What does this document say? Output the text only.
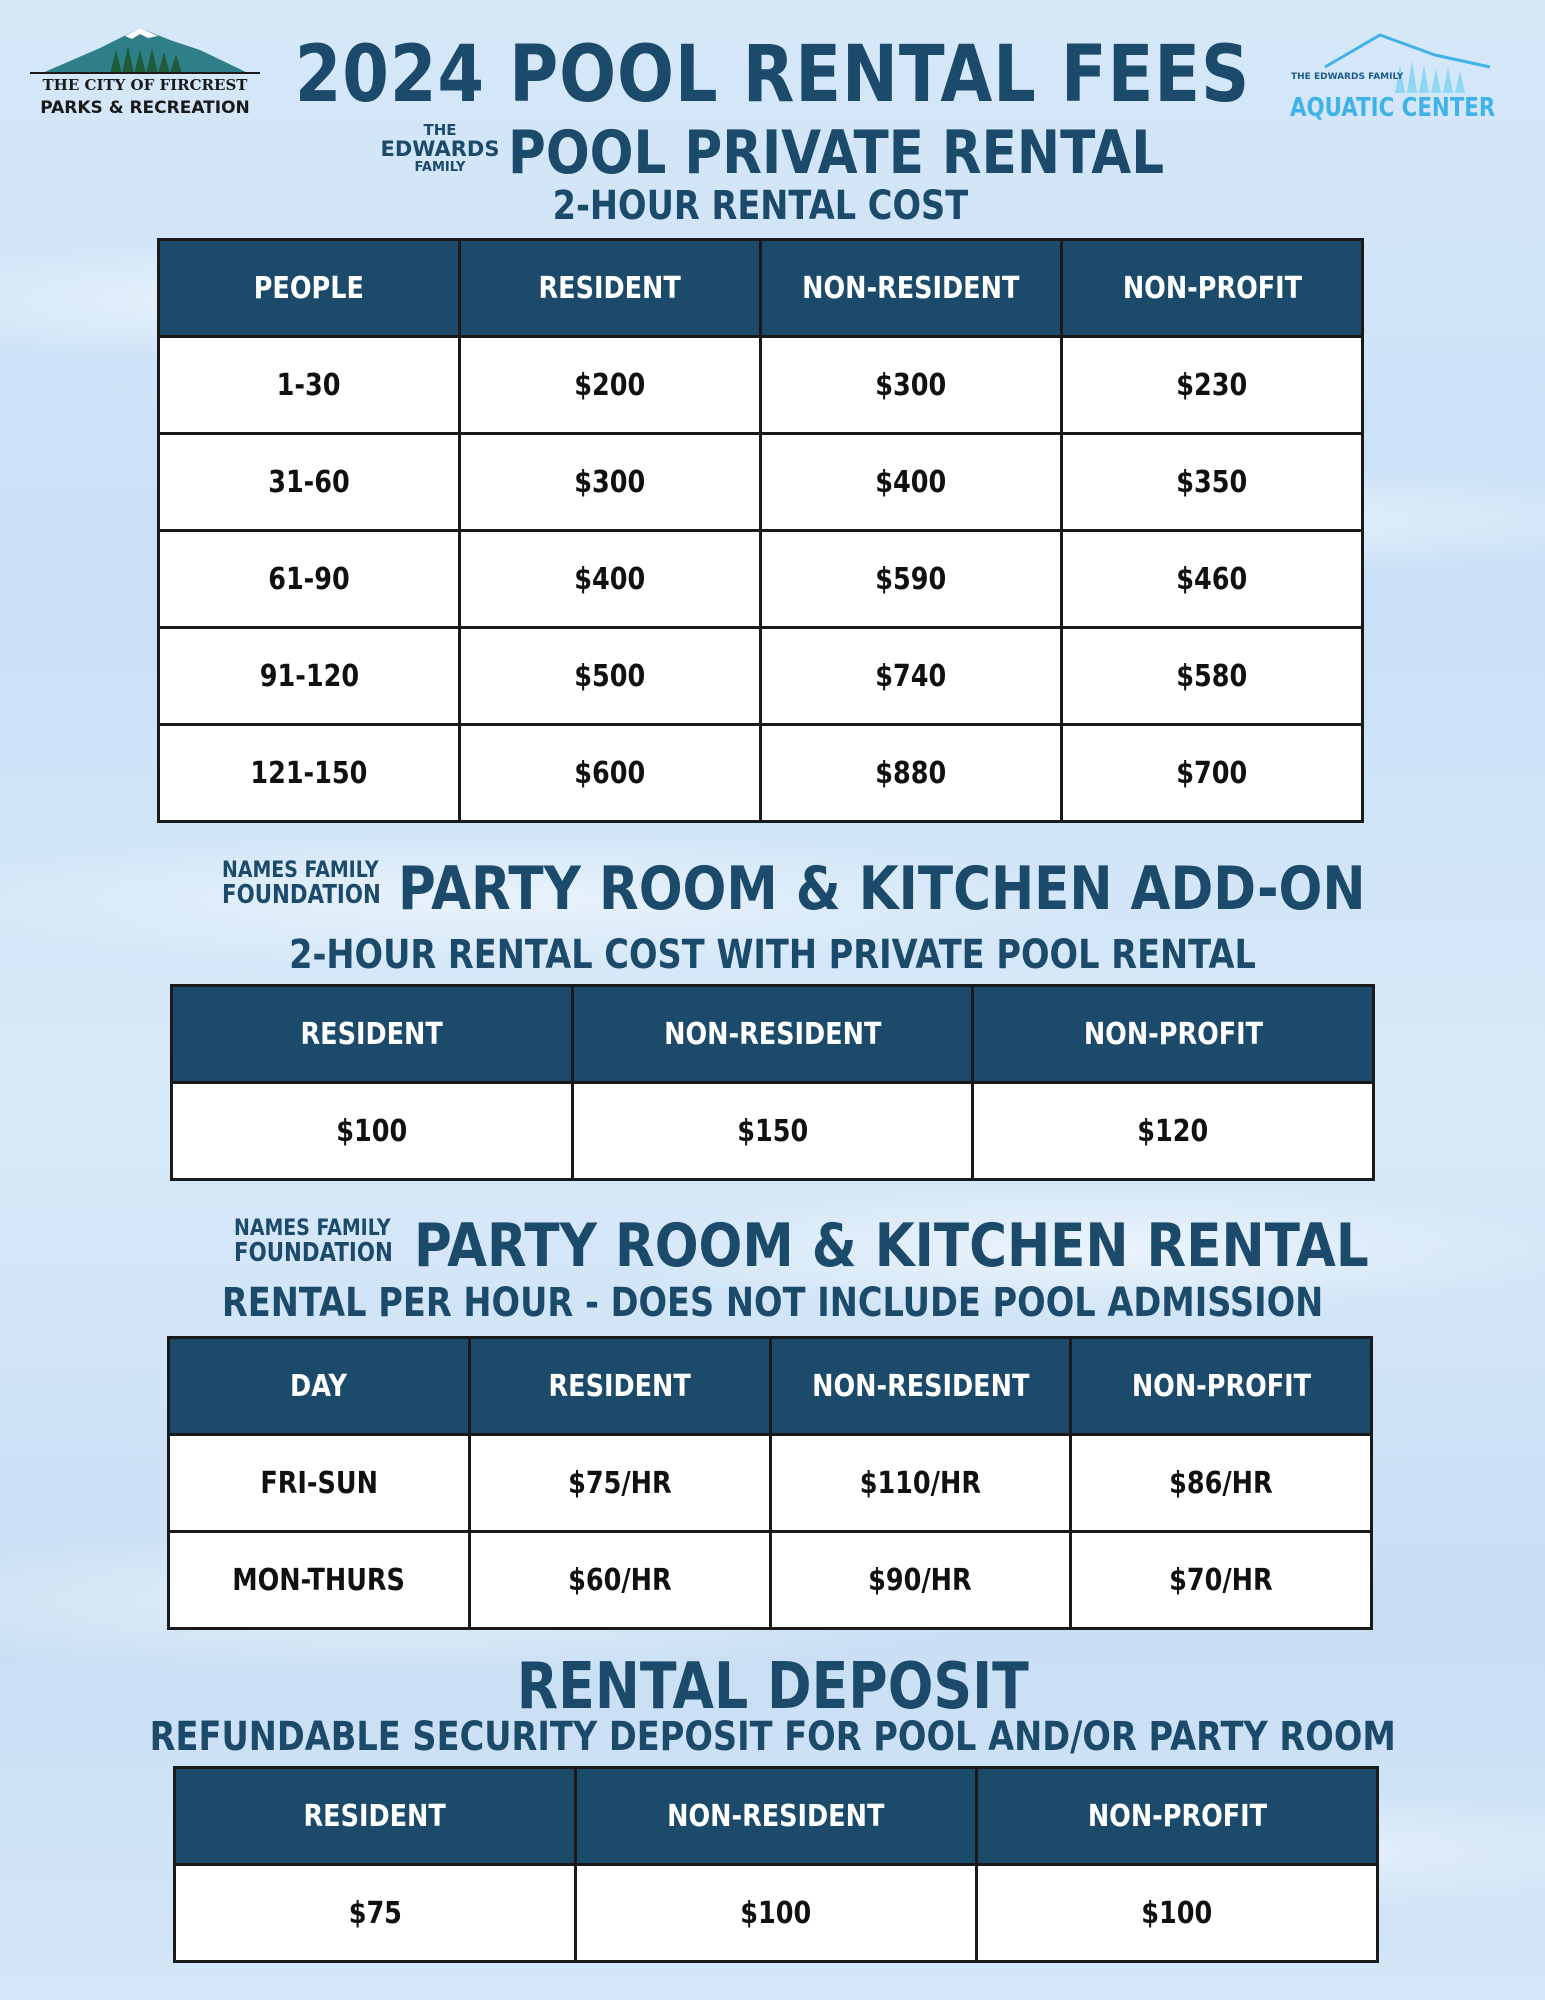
THE CITY OF FIRCREST
PARKS & RECREATION
THE EDWARDS FAMILY
AQUATIC CENTER
2024 POOL RENTAL FEES
THE
EDWARDS
FAMILY POOL PRIVATE RENTAL
2-HOUR RENTAL COST
PEOPLE	RESIDENT	NON-RESIDENT	NON-PROFIT
1-30	$200	$300	$230
31-60	$300	$400	$350
61-90	$400	$590	$460
91-120	$500	$740	$580
121-150	$600	$880	$700
NAMES FAMILY
FOUNDATION PARTY ROOM & KITCHEN ADD-ON
2-HOUR RENTAL COST WITH PRIVATE POOL RENTAL
RESIDENT	NON-RESIDENT	NON-PROFIT
$100	$150	$120
NAMES FAMILY
FOUNDATION PARTY ROOM & KITCHEN RENTAL
RENTAL PER HOUR - DOES NOT INCLUDE POOL ADMISSION
DAY	RESIDENT	NON-RESIDENT	NON-PROFIT
FRI-SUN	$75/HR	$110/HR	$86/HR
MON-THURS	$60/HR	$90/HR	$70/HR
RENTAL DEPOSIT
REFUNDABLE SECURITY DEPOSIT FOR POOL AND/OR PARTY ROOM
RESIDENT	NON-RESIDENT	NON-PROFIT
$75	$100	$100
